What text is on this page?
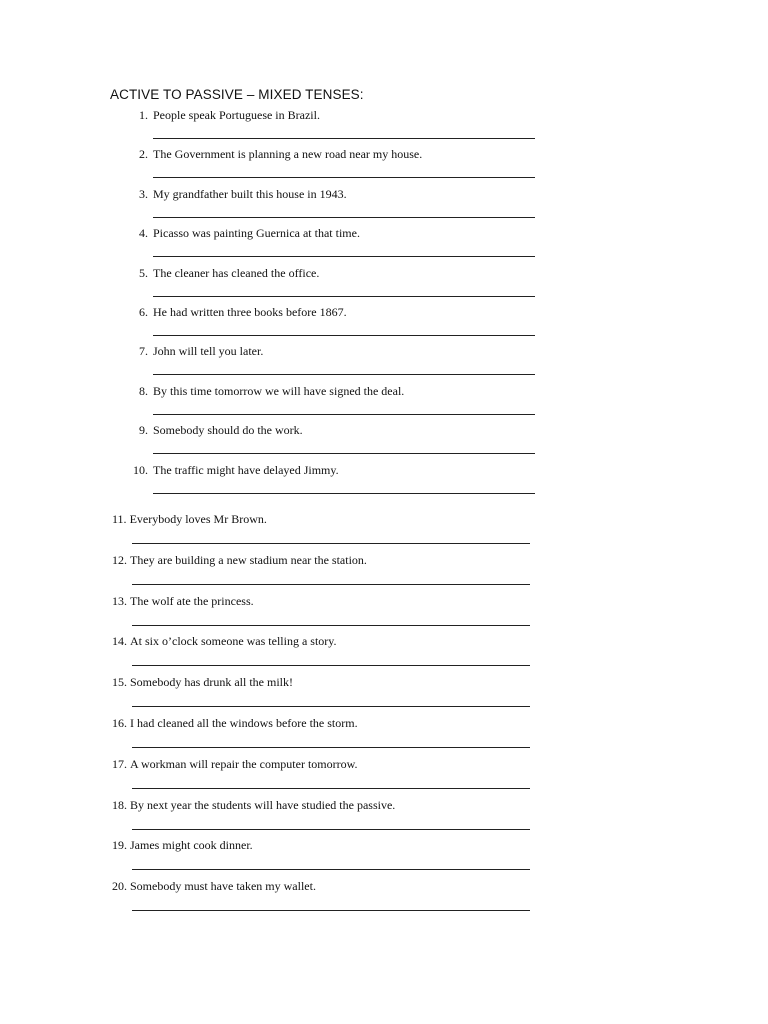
ACTIVE TO PASSIVE – MIXED TENSES:
1. People speak Portuguese in Brazil.
2. The Government is planning a new road near my house.
3. My grandfather built this house in 1943.
4. Picasso was painting Guernica at that time.
5. The cleaner has cleaned the office.
6. He had written three books before 1867.
7. John will tell you later.
8. By this time tomorrow we will have signed the deal.
9. Somebody should do the work.
10. The traffic might have delayed Jimmy.
11. Everybody loves Mr Brown.
12. They are building a new stadium near the station.
13. The wolf ate the princess.
14. At six o’clock someone was telling a story.
15. Somebody has drunk all the milk!
16. I had cleaned all the windows before the storm.
17. A workman will repair the computer tomorrow.
18. By next year the students will have studied the passive.
19. James might cook dinner.
20. Somebody must have taken my wallet.
